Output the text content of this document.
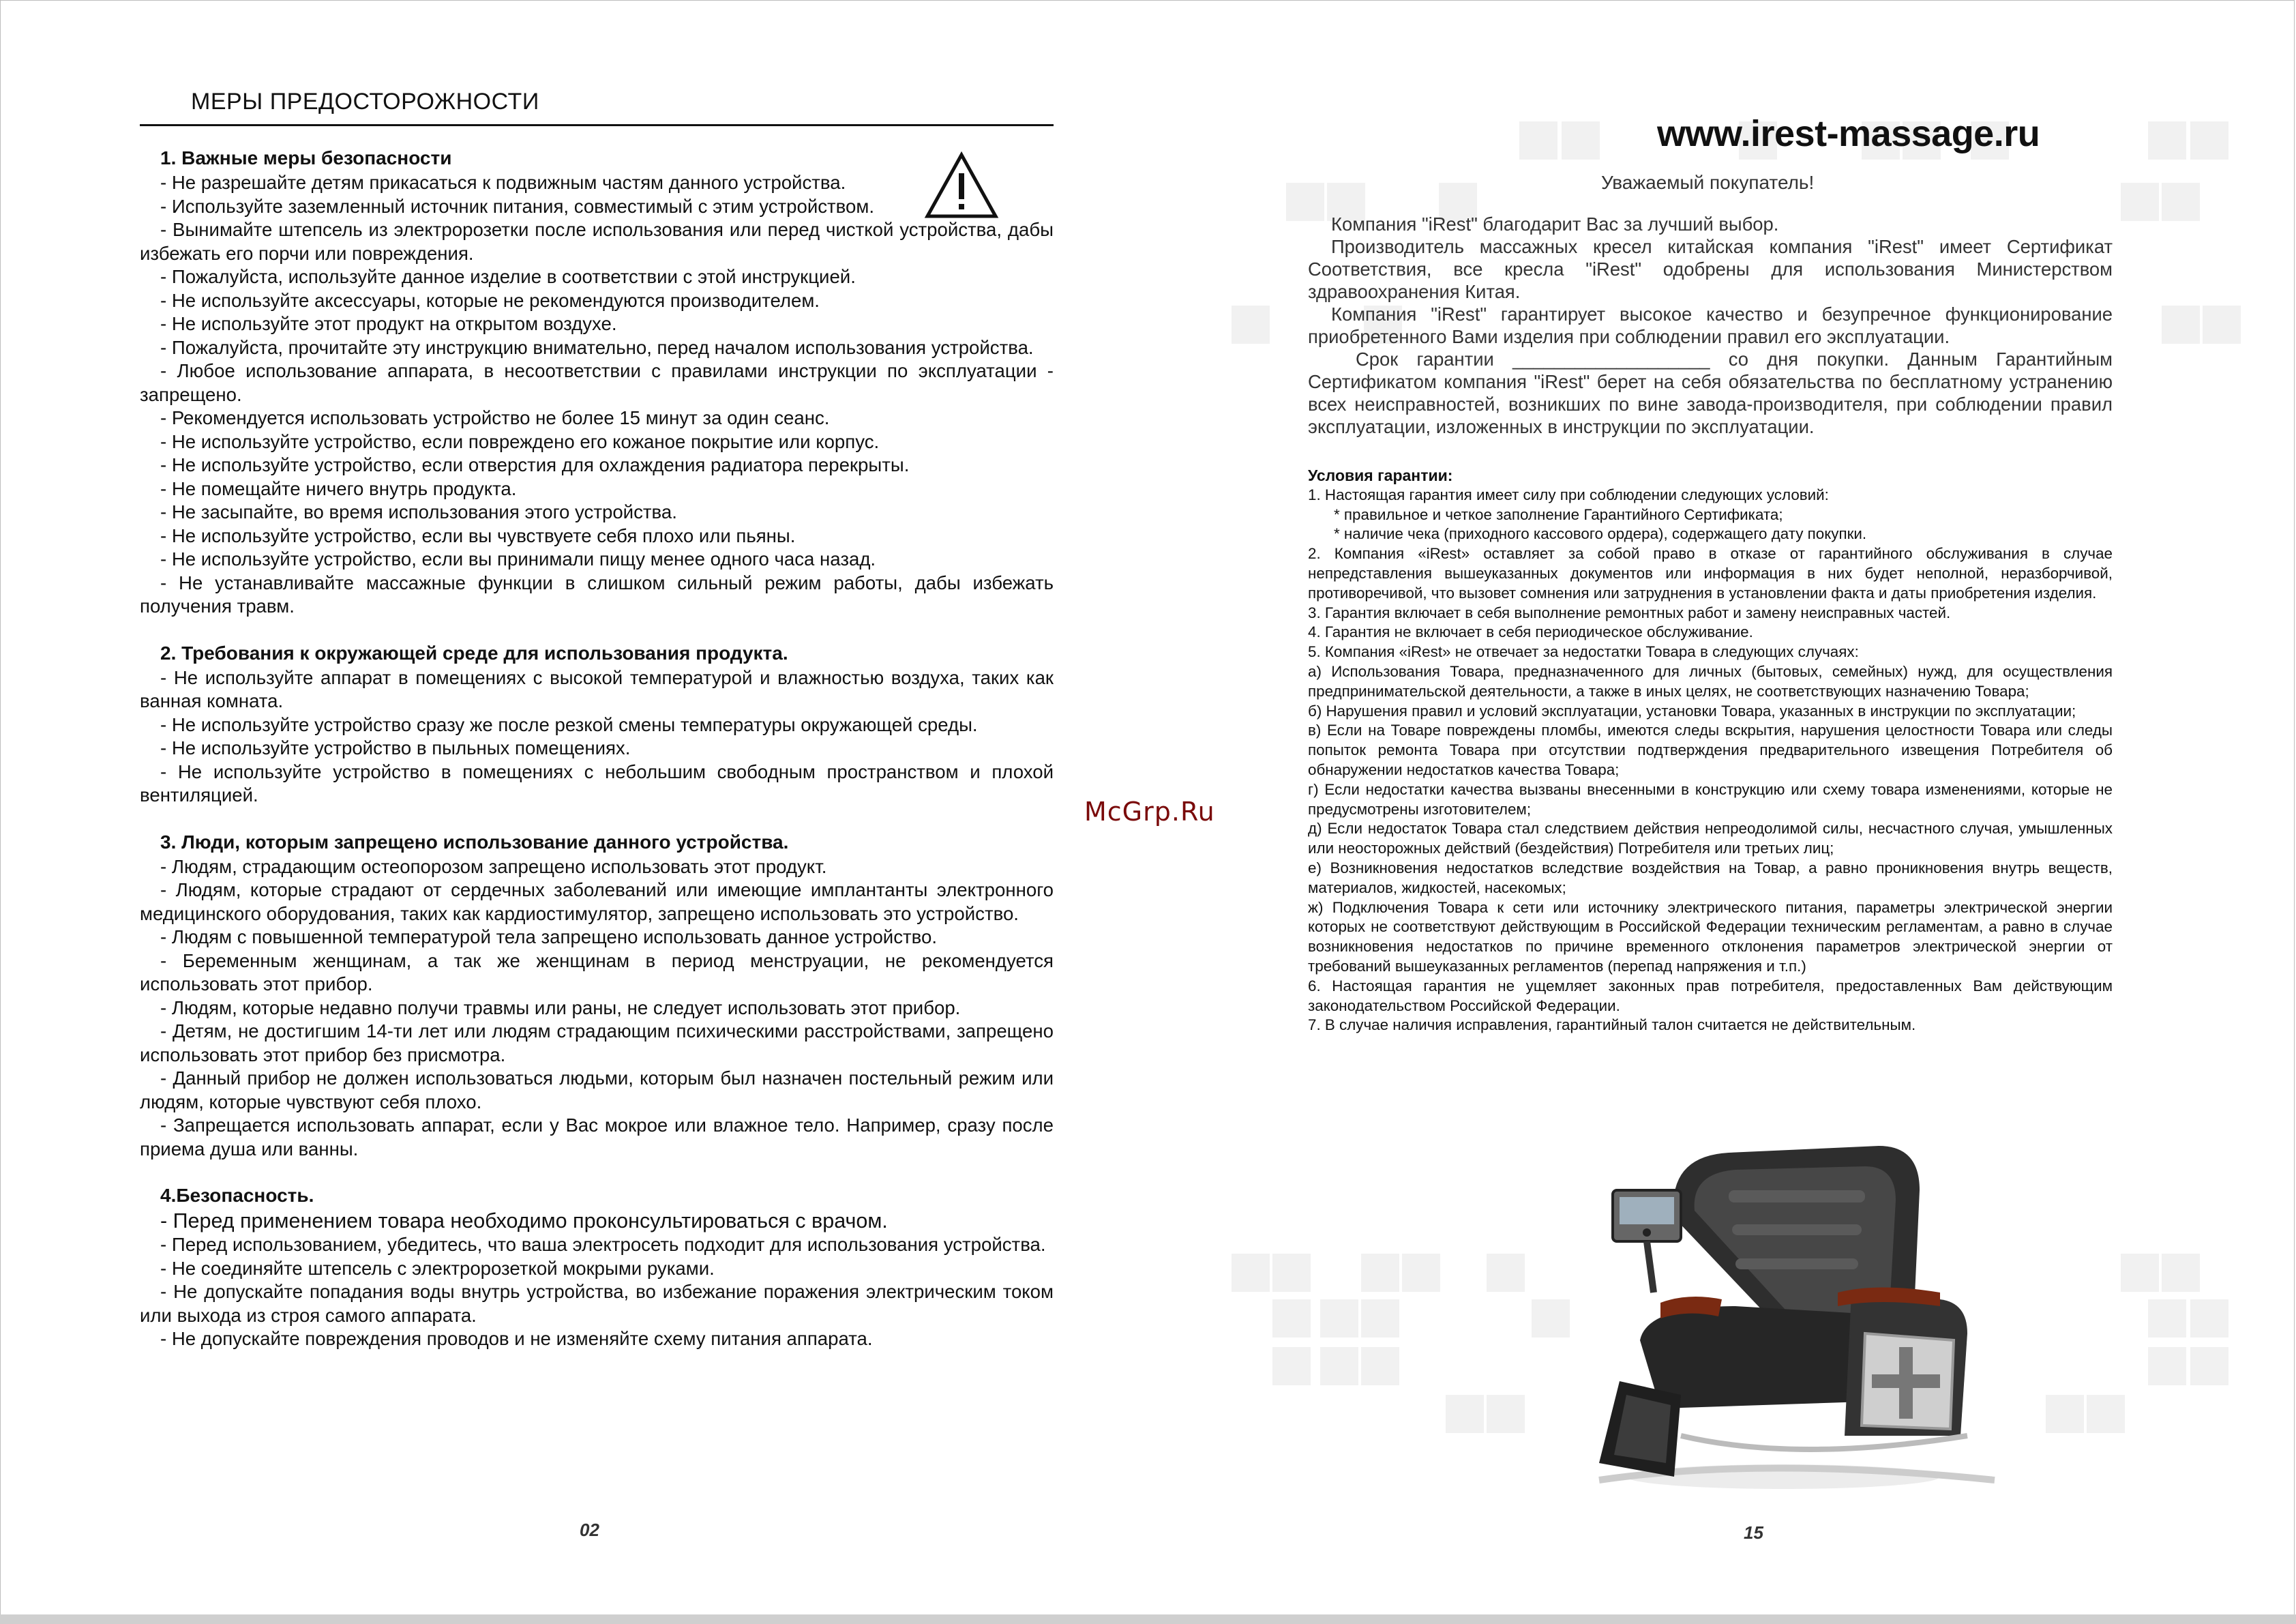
МЕРЫ ПРЕДОСТОРОЖНОСТИ
1. Важные меры безопасности

- Не разрешайте детям прикасаться к подвижным частям данного устройства.

- Используйте заземленный источник питания, совместимый с этим устройством.

- Вынимайте штепсель из электророзетки после использования или перед чисткой устройства, дабы избежать его порчи или повреждения.

- Пожалуйста, используйте данное изделие в соответствии с этой инструкцией.

- Не используйте аксессуары, которые не рекомендуются производителем.

- Не используйте этот продукт на открытом воздухе.

- Пожалуйста, прочитайте эту инструкцию внимательно, перед началом использования устройства.

- Любое использование аппарата, в несоответствии с правилами инструкции по эксплуатации - запрещено.

- Рекомендуется использовать устройство не более 15 минут за один сеанс.

- Не используйте устройство, если повреждено его кожаное покрытие или корпус.

- Не используйте устройство, если отверстия для охлаждения радиатора перекрыты.

- Не помещайте ничего внутрь продукта.

- Не засыпайте, во время использования этого устройства.

- Не используйте устройство, если вы чувствуете себя плохо или пьяны.

- Не используйте устройство, если вы принимали пищу менее одного часа назад.

- Не устанавливайте массажные функции в слишком сильный режим работы, дабы избежать получения травм.

2. Требования к окружающей среде для использования продукта.

- Не используйте аппарат в помещениях с высокой температурой и влажностью воздуха, таких как ванная комната.

- Не используйте устройство сразу же после резкой смены температуры окружающей среды.

- Не используйте устройство в пыльных помещениях.

- Не используйте устройство в помещениях с небольшим свободным пространством и плохой вентиляцией.

3. Люди, которым запрещено использование данного устройства.

- Людям, страдающим остеопорозом запрещено использовать этот продукт.

- Людям, которые страдают от сердечных заболеваний или имеющие имплантанты электронного медицинского оборудования, таких как кардиостимулятор, запрещено использовать это устройство.

- Людям с повышенной температурой тела запрещено использовать данное устройство.

- Беременным женщинам, а так же женщинам в период менструации, не рекомендуется использовать этот прибор.

- Людям, которые недавно получи травмы или раны, не следует использовать этот прибор.

- Детям, не достигшим 14-ти лет или людям страдающим психическими расстройствами, запрещено использовать этот прибор без присмотра.

- Данный прибор не должен использоваться людьми, которым был назначен постельный режим или людям, которые чувствуют себя плохо.

- Запрещается использовать аппарат, если у Вас мокрое или влажное тело. Например, сразу после приема душа или ванны.

4.Безопасность.

- Перед применением товара необходимо проконсультироваться с врачом.

- Перед использованием, убедитесь, что ваша электросеть подходит для использования устройства.

- Не соединяйте штепсель с электророзеткой мокрыми руками.

- Не допускайте попадания воды внутрь устройства, во избежание поражения электрическим током или выхода из строя самого аппарата.

- Не допускайте повреждения проводов и не изменяйте схему питания аппарата.

02
McGrp.Ru
www.irest-massage.ru
Уважаемый покупатель!

Компания "iRest" благодарит Вас за лучший выбор.

Производитель массажных кресел китайская компания "iRest" имеет Сертификат Соответствия, все кресла "iRest" одобрены для использования Министерством здравоохранения Китая.

Компания "iRest" гарантирует высокое качество и безупречное функционирование приобретенного Вами изделия при соблюдении правил его эксплуатации.

Срок гарантии ___________________ со дня покупки. Данным Гарантийным Сертификатом компания "iRest" берет на себя обязательства по бесплатному устранению всех неисправностей, возникших по вине завода-производителя, при соблюдении правил эксплуатации, изложенных в инструкции по эксплуатации.

Условия гарантии:

1. Настоящая гарантия имеет силу при соблюдении следующих условий:

* правильное и четкое заполнение Гарантийного Сертификата;

* наличие чека (приходного кассового ордера), содержащего дату покупки.

2. Компания «iRest» оставляет за собой право в отказе от гарантийного обслуживания в случае непредставления вышеуказанных документов или информация в них будет неполной, неразборчивой, противоречивой, что вызовет сомнения или затруднения в установлении факта и даты приобретения изделия.

3. Гарантия включает в себя выполнение ремонтных работ и замену неисправных частей.

4. Гарантия не включает в себя периодическое обслуживание.

5. Компания «iRest» не отвечает за недостатки Товара в следующих случаях:

а) Использования Товара, предназначенного для личных (бытовых, семейных) нужд, для осуществления предпринимательской деятельности, а также в иных целях, не соответствующих назначению Товара;

б) Нарушения правил и условий эксплуатации, установки Товара, указанных в инструкции по эксплуатации;

в) Если на Товаре повреждены пломбы, имеются следы вскрытия, нарушения целостности Товара или следы попыток ремонта Товара при отсутствии подтверждения предварительного извещения Потребителя об обнаружении недостатков качества Товара;

г) Если недостатки качества вызваны внесенными в конструкцию или схему товара изменениями, которые не предусмотрены изготовителем;

д) Если недостаток Товара стал следствием действия непреодолимой силы, несчастного случая, умышленных или неосторожных действий (бездействия) Потребителя или третьих лиц;

е) Возникновения недостатков вследствие воздействия на Товар, а равно проникновения внутрь веществ, материалов, жидкостей, насекомых;

ж) Подключения Товара к сети или источнику электрического питания, параметры электрической энергии которых не соответствуют действующим в Российской Федерации техническим регламентам, а равно в случае возникновения недостатков по причине временного отклонения параметров электрической энергии от требований вышеуказанных регламентов (перепад напряжения и т.п.)

6. Настоящая гарантия не ущемляет законных прав потребителя, предоставленных Вам действующим законодательством Российской Федерации.

7. В случае наличия исправления, гарантийный талон считается не действительным.

15
